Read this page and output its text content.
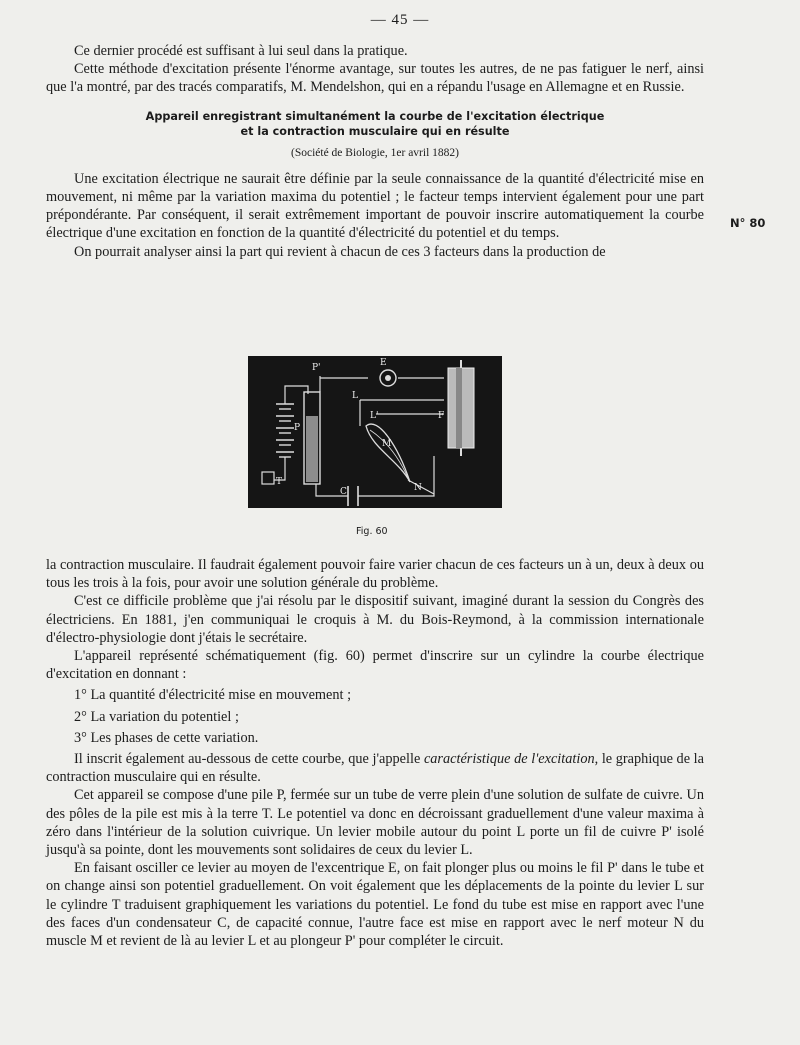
— 45 —

Ce dernier procédé est suffisant à lui seul dans la pratique.

Cette méthode d'excitation présente l'énorme avantage, sur toutes les autres, de ne pas fatiguer le nerf, ainsi que l'a montré, par des tracés comparatifs, M. Mendelshon, qui en a répandu l'usage en Allemagne et en Russie.

Appareil enregistrant simultanément la courbe de l'excitation électrique
et la contraction musculaire qui en résulte
(Société de Biologie, 1er avril 1882)

Une excitation électrique ne saurait être définie par la seule connaissance de la quantité d'électricité mise en mouvement, ni même par la variation maxima du potentiel ; le facteur temps intervient également pour une part prépondérante. Par conséquent, il serait extrêmement important de pouvoir inscrire automatiquement la courbe électrique d'une excitation en fonction de la quantité d'électricité du potentiel et du temps.

On pourrait analyser ainsi la part qui revient à chacun de ces 3 facteurs dans la production de

N° 80
P'	E
L
L'	F
P
M
T
C	N
Fig. 60

la contraction musculaire. Il faudrait également pouvoir faire varier chacun de ces facteurs un à un, deux à deux ou tous les trois à la fois, pour avoir une solution générale du problème.

C'est ce difficile problème que j'ai résolu par le dispositif suivant, imaginé durant la session du Congrès des électriciens. En 1881, j'en communiquai le croquis à M. du Bois-Reymond, à la commission internationale d'électro-physiologie dont j'étais le secrétaire.

L'appareil représenté schématiquement (fig. 60) permet d'inscrire sur un cylindre la courbe électrique d'excitation en donnant :

1° La quantité d'électricité mise en mouvement ;

2° La variation du potentiel ;

3° Les phases de cette variation.

Il inscrit également au-dessous de cette courbe, que j'appelle caractéristique de l'excitation, le graphique de la contraction musculaire qui en résulte.

Cet appareil se compose d'une pile P, fermée sur un tube de verre plein d'une solution de sulfate de cuivre. Un des pôles de la pile est mis à la terre T. Le potentiel va donc en décroissant graduellement d'une valeur maxima à zéro dans l'intérieur de la solution cuivrique. Un levier mobile autour du point L porte un fil de cuivre P' isolé jusqu'à sa pointe, dont les mouvements sont solidaires de ceux du levier L.

En faisant osciller ce levier au moyen de l'excentrique E, on fait plonger plus ou moins le fil P' dans le tube et on change ainsi son potentiel graduellement. On voit également que les déplacements de la pointe du levier L sur le cylindre T traduisent graphiquement les variations du potentiel. Le fond du tube est mise en rapport avec l'une des faces d'un condensateur C, de capacité connue, l'autre face est mise en rapport avec le nerf moteur N du muscle M et revient de là au levier L et au plongeur P' pour compléter le circuit.
